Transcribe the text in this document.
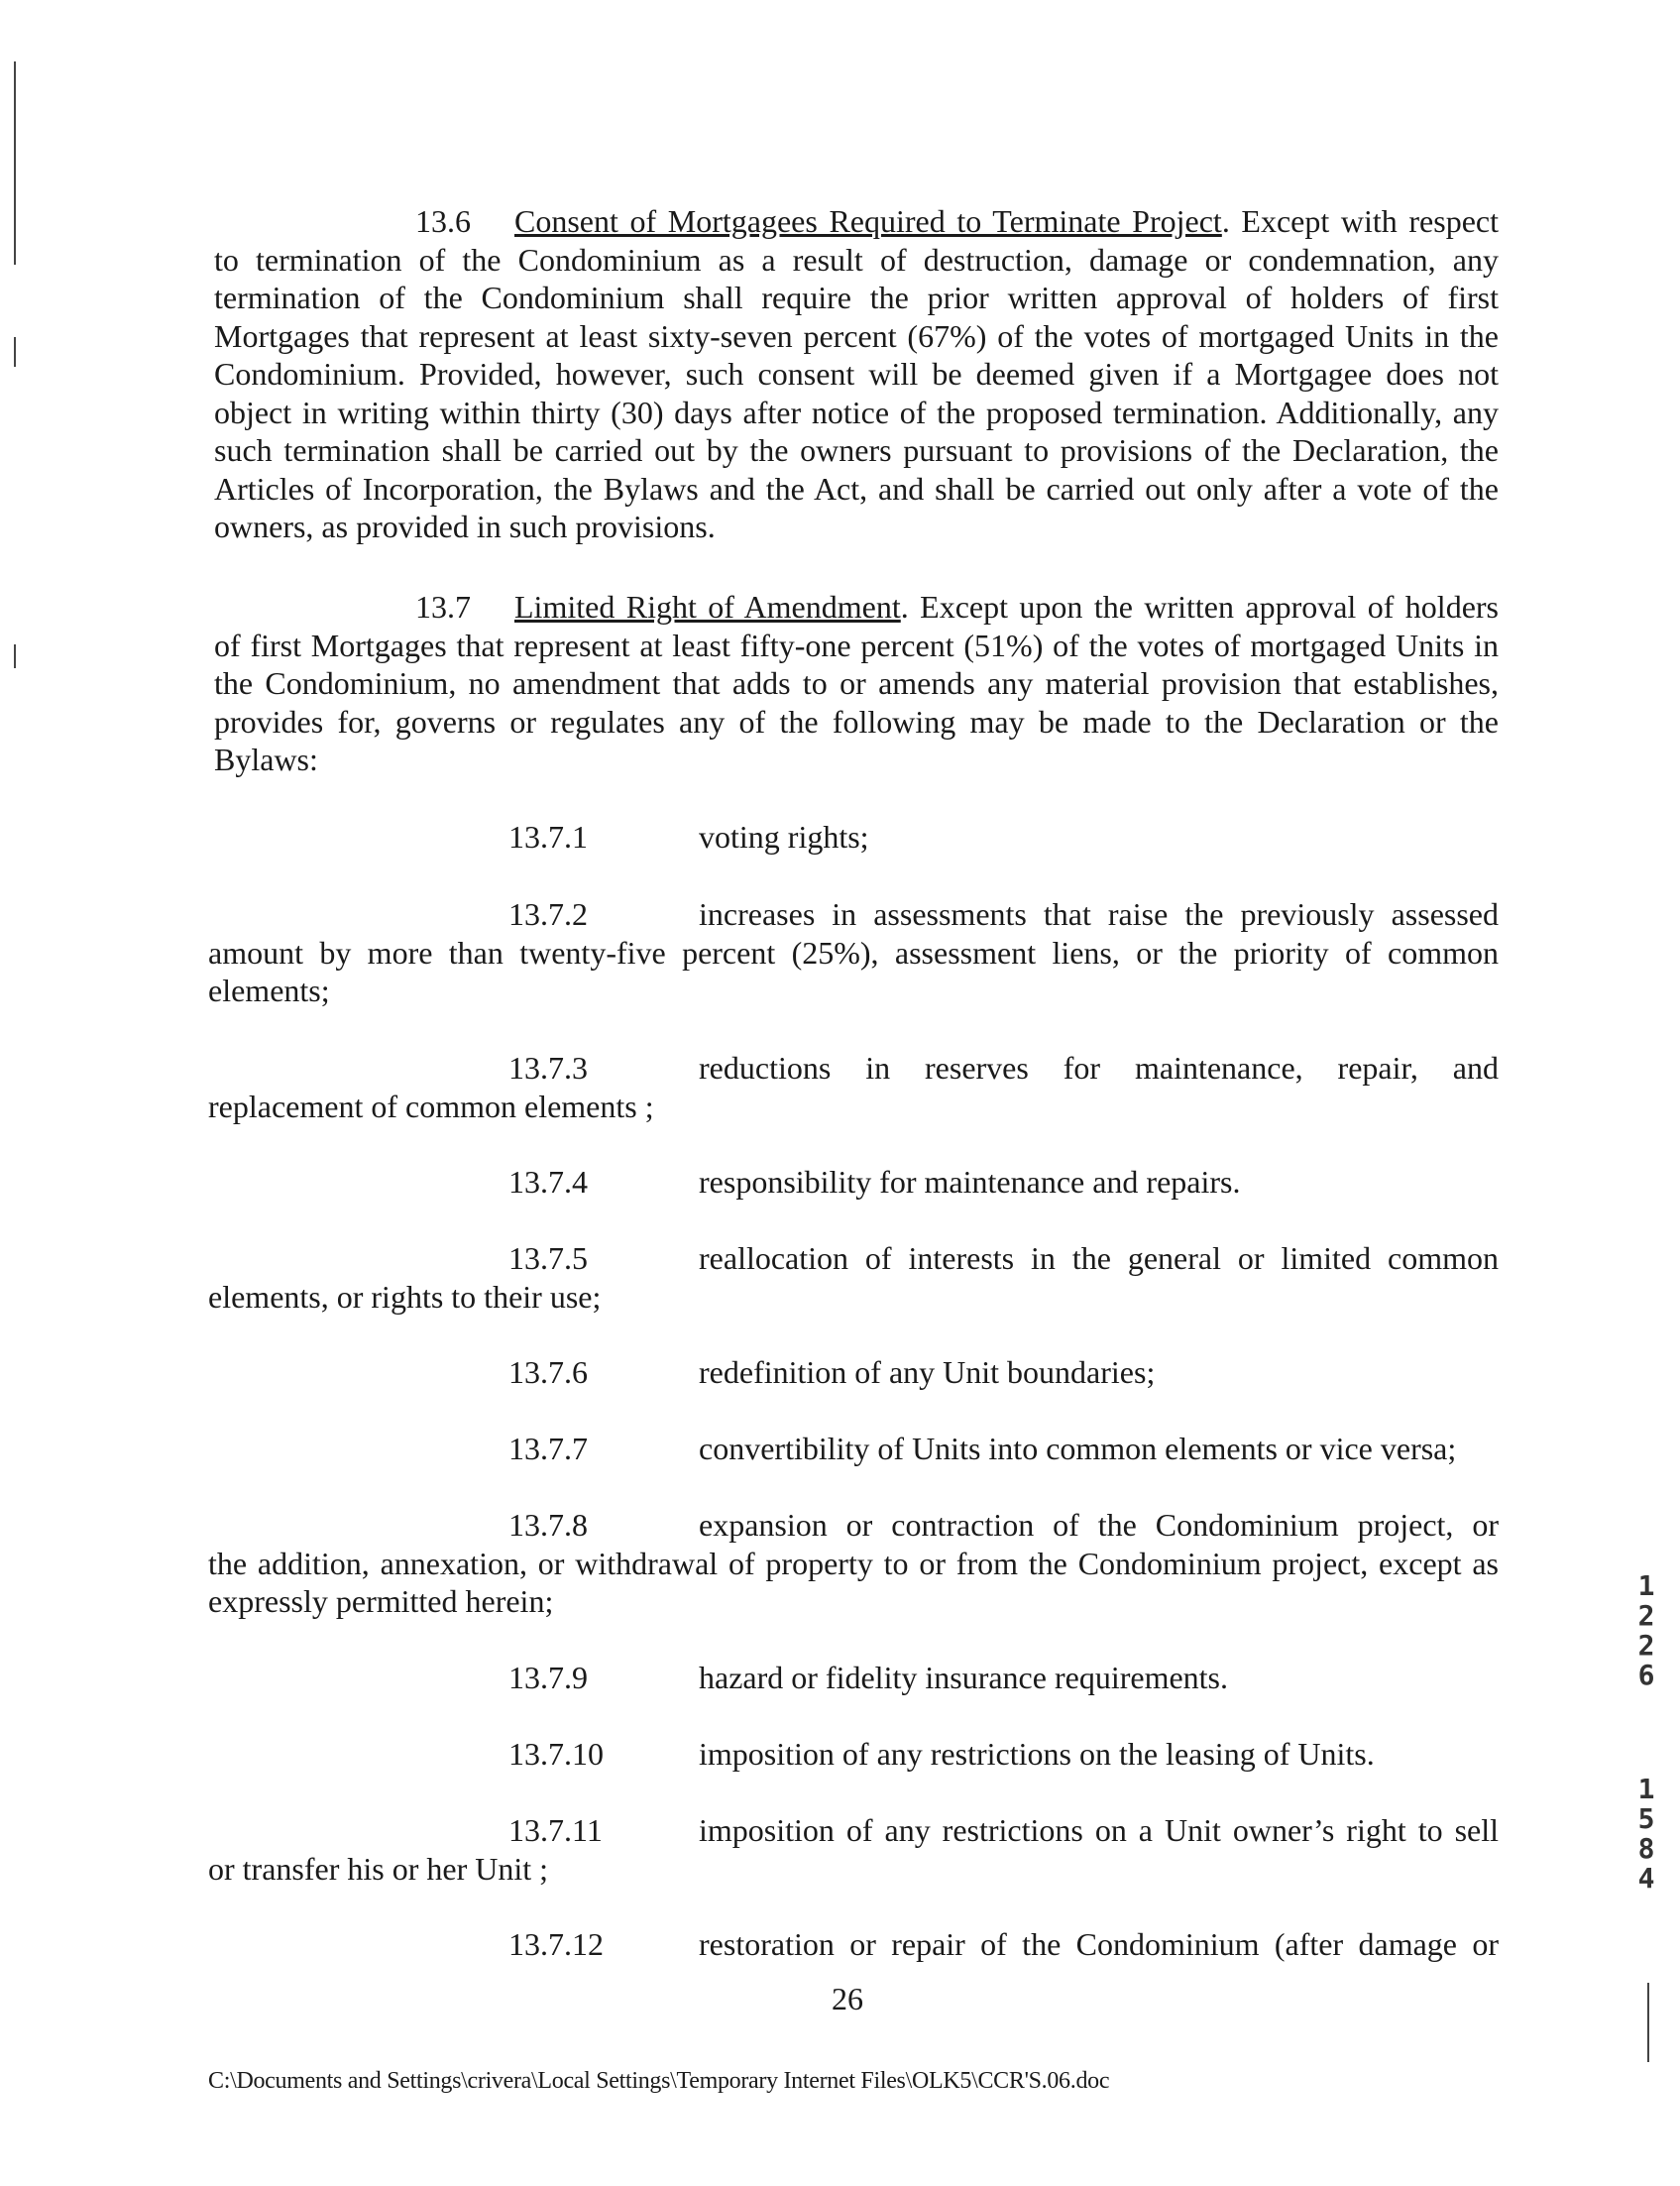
13.6 Consent of Mortgagees Required to Terminate Project. Except with respect to termination of the Condominium as a result of destruction, damage or condemnation, any termination of the Condominium shall require the prior written approval of holders of first Mortgages that represent at least sixty-seven percent (67%) of the votes of mortgaged Units in the Condominium. Provided, however, such consent will be deemed given if a Mortgagee does not object in writing within thirty (30) days after notice of the proposed termination. Additionally, any such termination shall be carried out by the owners pursuant to provisions of the Declaration, the Articles of Incorporation, the Bylaws and the Act, and shall be carried out only after a vote of the owners, as provided in such provisions.

13.7 Limited Right of Amendment. Except upon the written approval of holders of first Mortgages that represent at least fifty-one percent (51%) of the votes of mortgaged Units in the Condominium, no amendment that adds to or amends any material provision that establishes, provides for, governs or regulates any of the following may be made to the Declaration or the Bylaws:

13.7.1	voting rights;
13.7.2	increases in assessments that raise the previously assessed
amount by more than twenty-five percent (25%), assessment liens, or the priority of common elements;
13.7.3	reductions in reserves for maintenance, repair, and
replacement of common elements ;
13.7.4	responsibility for maintenance and repairs.
13.7.5	reallocation of interests in the general or limited common
elements, or rights to their use;
13.7.6	redefinition of any Unit boundaries;
13.7.7	convertibility of Units into common elements or vice versa;
13.7.8	expansion or contraction of the Condominium project, or
the addition, annexation, or withdrawal of property to or from the Condominium project, except as expressly permitted herein;
13.7.9	hazard or fidelity insurance requirements.
13.7.10	imposition of any restrictions on the leasing of Units.
13.7.11	imposition of any restrictions on a Unit owner’s right to sell
or transfer his or her Unit ;
13.7.12	restoration or repair of the Condominium (after damage or
26
C:\Documents and Settings\crivera\Local Settings\Temporary Internet Files\OLK5\CCR'S.06.doc
1
2
2
6
1
5
8
4
